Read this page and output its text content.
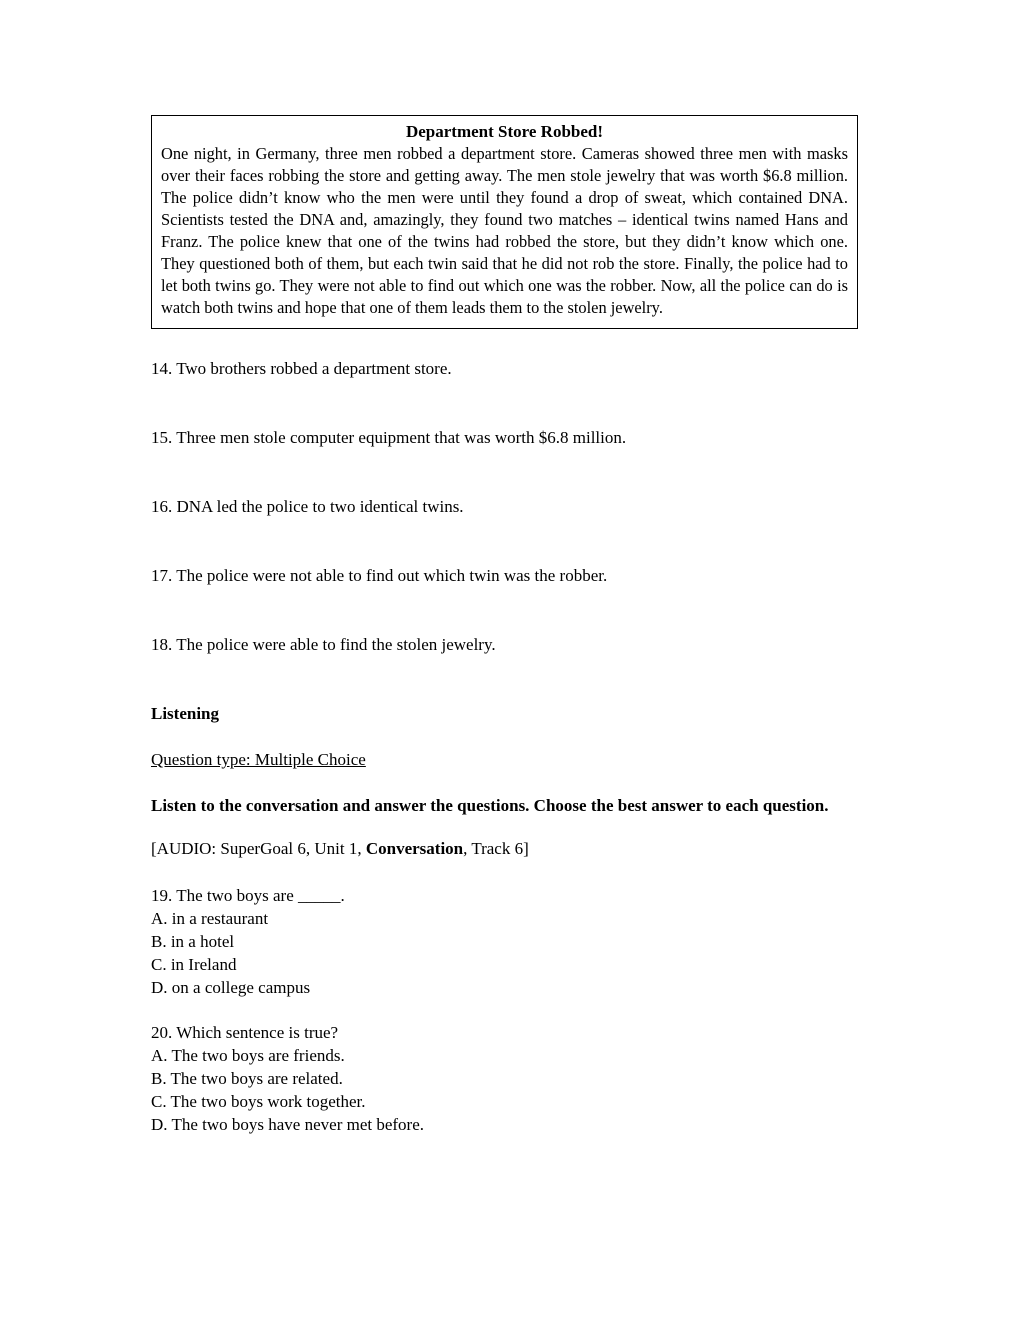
Department Store Robbed!

One night, in Germany, three men robbed a department store. Cameras showed three men with masks over their faces robbing the store and getting away. The men stole jewelry that was worth $6.8 million. The police didn’t know who the men were until they found a drop of sweat, which contained DNA. Scientists tested the DNA and, amazingly, they found two matches – identical twins named Hans and Franz. The police knew that one of the twins had robbed the store, but they didn’t know which one. They questioned both of them, but each twin said that he did not rob the store. Finally, the police had to let both twins go. They were not able to find out which one was the robber. Now, all the police can do is watch both twins and hope that one of them leads them to the stolen jewelry.

14. Two brothers robbed a department store.

15. Three men stole computer equipment that was worth $6.8 million.

16. DNA led the police to two identical twins.

17. The police were not able to find out which twin was the robber.

18. The police were able to find the stolen jewelry.

Listening

Question type: Multiple Choice

Listen to the conversation and answer the questions. Choose the best answer to each question.

[AUDIO: SuperGoal 6, Unit 1, Conversation, Track 6]

19. The two boys are _____.

A. in a restaurant

B. in a hotel

C. in Ireland

D. on a college campus

20. Which sentence is true?

A. The two boys are friends.

B. The two boys are related.

C. The two boys work together.

D. The two boys have never met before.
